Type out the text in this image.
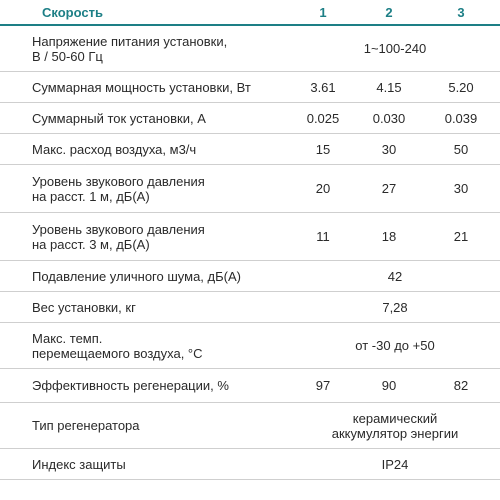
Скорость	1	2	3
Напряжение питания установки,
В / 50-60 Гц	1~100-240		
Суммарная мощность установки, Вт	3.61	4.15	5.20
Суммарный ток установки, А	0.025	0.030	0.039
Макс. расход воздуха, м3/ч	15	30	50
Уровень звукового давления
на расст. 1 м, дБ(А)	20	27	30
Уровень звукового давления
на расст. 3 м, дБ(А)	11	18	21
Подавление уличного шума, дБ(А)	42		
Вес установки, кг	7,28		
Макс. темп.
перемещаемого воздуха, °С	от -30 до +50		
Эффективность регенерации, %	97	90	82
Тип регенератора	керамический
аккумулятор энергии		
Индекс защиты	IP24		
